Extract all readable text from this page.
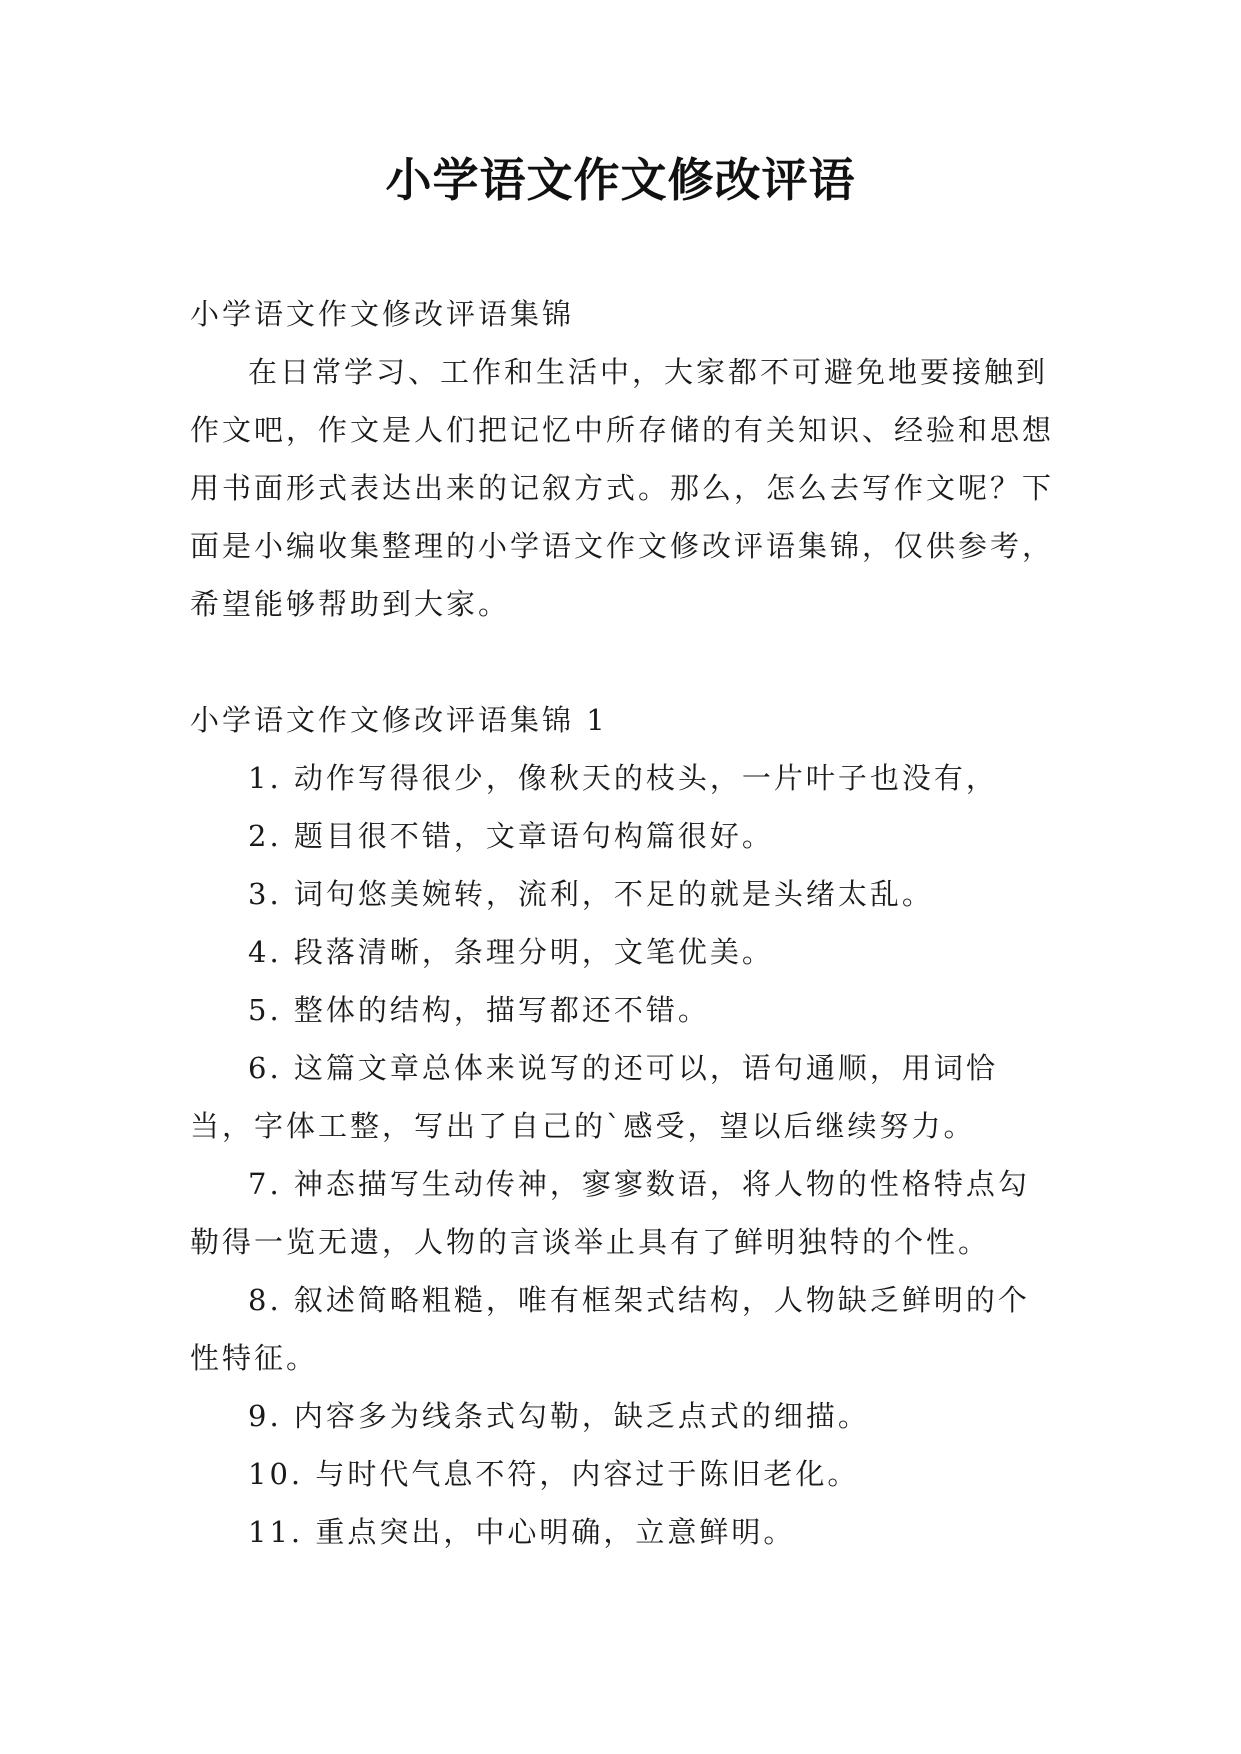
小学语文作文修改评语

小学语文作文修改评语集锦

在日常学习、工作和生活中，大家都不可避免地要接触到作文吧，作文是人们把记忆中所存储的有关知识、经验和思想用书面形式表达出来的记叙方式。那么，怎么去写作文呢？下面是小编收集整理的小学语文作文修改评语集锦，仅供参考，希望能够帮助到大家。

小学语文作文修改评语集锦 1

1. 动作写得很少，像秋天的枝头，一片叶子也没有，

2. 题目很不错，文章语句构篇很好。

3. 词句悠美婉转，流利，不足的就是头绪太乱。

4. 段落清晰，条理分明，文笔优美。

5. 整体的结构，描写都还不错。

6. 这篇文章总体来说写的还可以，语句通顺，用词恰当，字体工整，写出了自己的`感受，望以后继续努力。

7. 神态描写生动传神，寥寥数语，将人物的性格特点勾勒得一览无遗，人物的言谈举止具有了鲜明独特的个性。

8. 叙述简略粗糙，唯有框架式结构，人物缺乏鲜明的个性特征。

9. 内容多为线条式勾勒，缺乏点式的细描。

10. 与时代气息不符，内容过于陈旧老化。

11. 重点突出，中心明确，立意鲜明。
